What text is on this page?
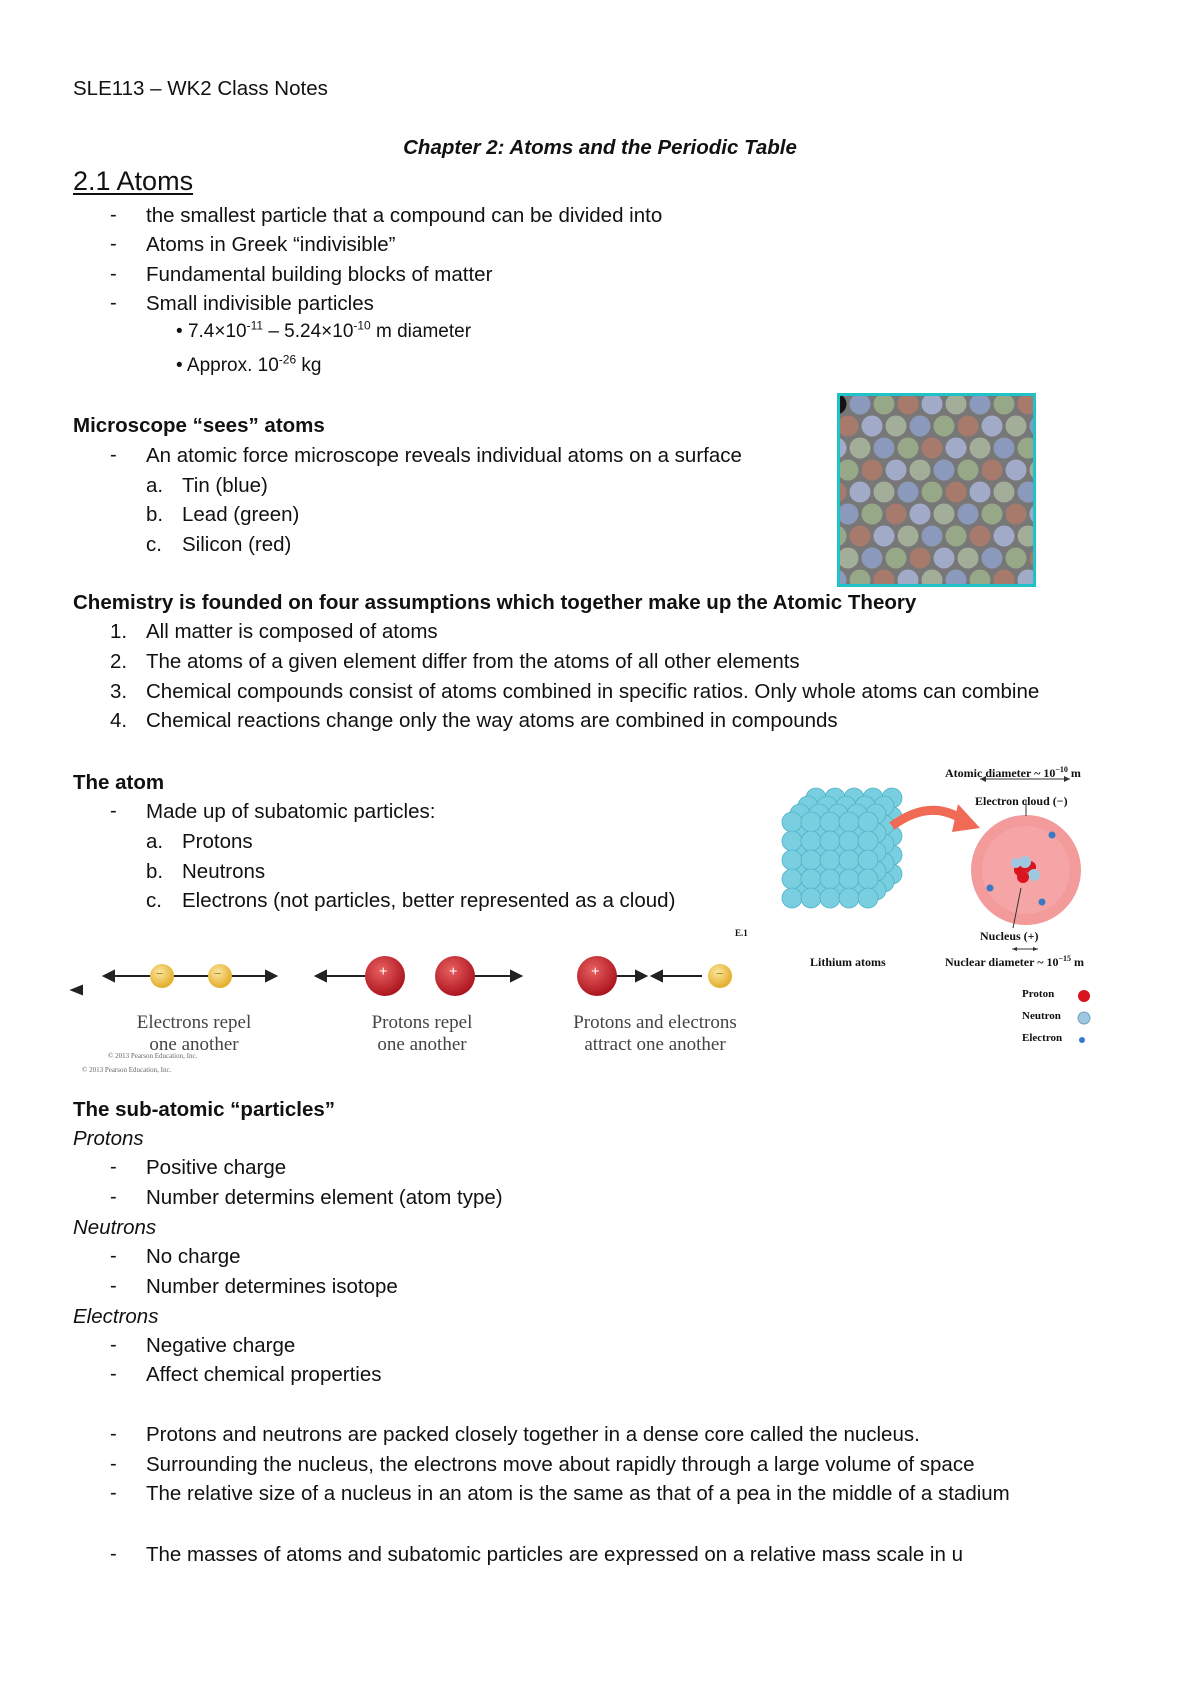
SLE113 – WK2 Class Notes
Chapter 2: Atoms and the Periodic Table
2.1 Atoms
- the smallest particle that a compound can be divided into
- Atoms in Greek “indivisible”
- Fundamental building blocks of matter
- Small indivisible particles
• $7.4\times 10^{-11} - 5.24\times 10^{-10}$ m diameter
• Approx. $10^{-26}$ kg
Microscope “sees” atoms
- An atomic force microscope reveals individual atoms on a surface
a. Tin (blue)
b. Lead (green)
c. Silicon (red)
Chemistry is founded on four assumptions which together make up the Atomic Theory
1. All matter is composed of atoms
2. The atoms of a given element differ from the atoms of all other elements
3. Chemical compounds consist of atoms combined in specific ratios. Only whole atoms can combine
4. Chemical reactions change only the way atoms are combined in compounds
The atom
- Made up of subatomic particles:
a. Protons
b. Neutrons
c. Electrons (not particles, better represented as a cloud)
Atomic diameter ~ $10^{-10}$ m
Electron cloud (−)
Nucleus (+)
Nuclear diameter ~ $10^{-15}$ m
Lithium atoms
E.1
Proton
Neutron
Electron
−	−	+	+	+	−
Electrons repel
one another
Protons repel
one another
Protons and electrons
attract one another
© 2013 Pearson Education, Inc.
© 2013 Pearson Education, Inc.
The sub-atomic “particles”
Protons
- Positive charge
- Number determins element (atom type)
Neutrons
- No charge
- Number determines isotope
Electrons
- Negative charge
- Affect chemical properties
- Protons and neutrons are packed closely together in a dense core called the nucleus.
- Surrounding the nucleus, the electrons move about rapidly through a large volume of space
- The relative size of a nucleus in an atom is the same as that of a pea in the middle of a stadium
- The masses of atoms and subatomic particles are expressed on a relative mass scale in u
